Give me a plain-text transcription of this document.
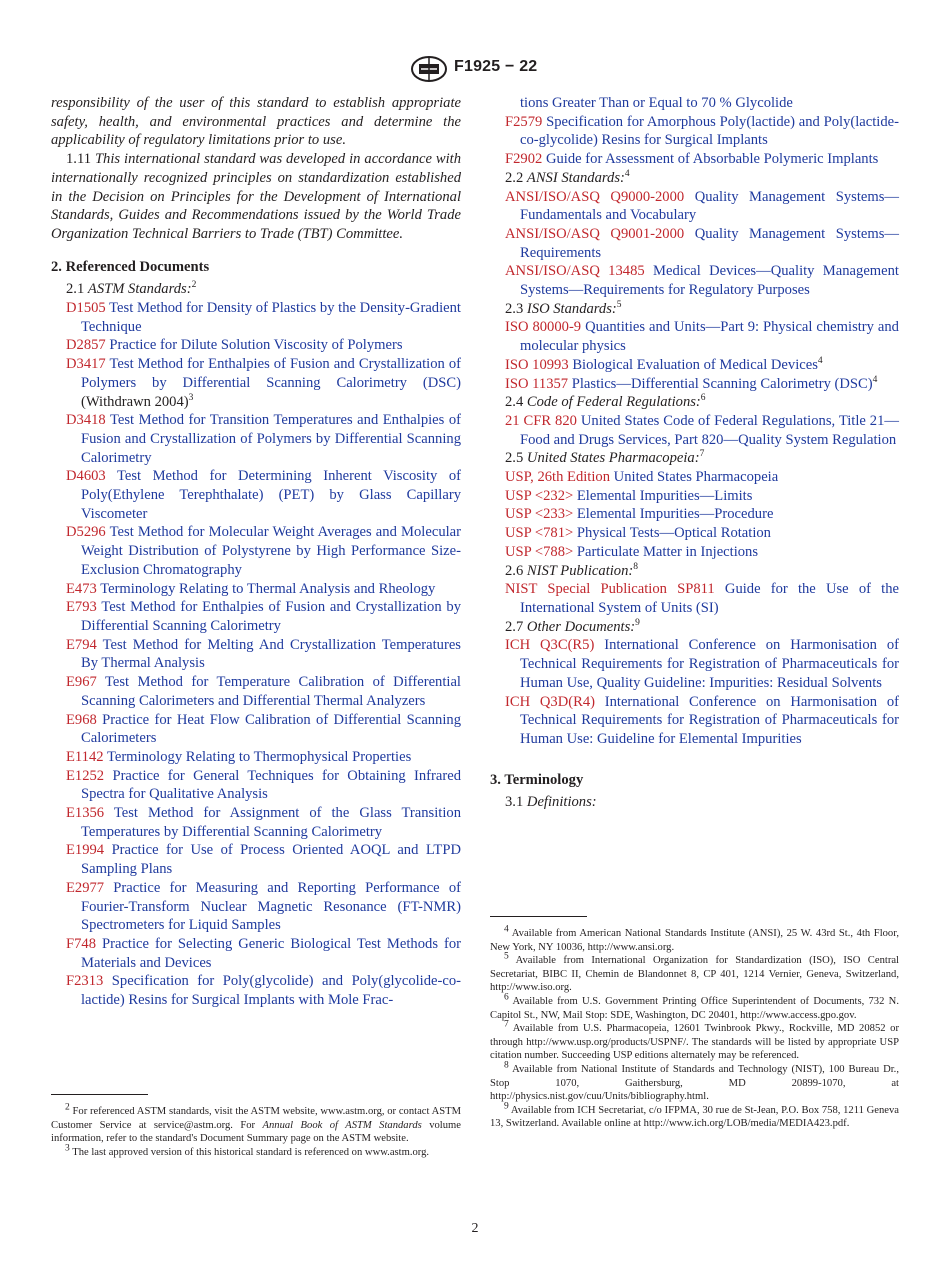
F1925 − 22

responsibility of the user of this standard to establish appropriate safety, health, and environmental practices and determine the applicability of regulatory limitations prior to use.

1.11 This international standard was developed in accordance with internationally recognized principles on standardization established in the Decision on Principles for the Development of International Standards, Guides and Recommendations issued by the World Trade Organization Technical Barriers to Trade (TBT) Committee.

2. Referenced Documents

2.1 ASTM Standards:$^2$

D1505 Test Method for Density of Plastics by the Density-Gradient Technique

D2857 Practice for Dilute Solution Viscosity of Polymers

D3417 Test Method for Enthalpies of Fusion and Crystallization of Polymers by Differential Scanning Calorimetry (DSC) (Withdrawn 2004)$^3$

D3418 Test Method for Transition Temperatures and Enthalpies of Fusion and Crystallization of Polymers by Differential Scanning Calorimetry

D4603 Test Method for Determining Inherent Viscosity of Poly(Ethylene Terephthalate) (PET) by Glass Capillary Viscometer

D5296 Test Method for Molecular Weight Averages and Molecular Weight Distribution of Polystyrene by High Performance Size-Exclusion Chromatography

E473 Terminology Relating to Thermal Analysis and Rheology

E793 Test Method for Enthalpies of Fusion and Crystallization by Differential Scanning Calorimetry

E794 Test Method for Melting And Crystallization Temperatures By Thermal Analysis

E967 Test Method for Temperature Calibration of Differential Scanning Calorimeters and Differential Thermal Analyzers

E968 Practice for Heat Flow Calibration of Differential Scanning Calorimeters

E1142 Terminology Relating to Thermophysical Properties

E1252 Practice for General Techniques for Obtaining Infrared Spectra for Qualitative Analysis

E1356 Test Method for Assignment of the Glass Transition Temperatures by Differential Scanning Calorimetry

E1994 Practice for Use of Process Oriented AOQL and LTPD Sampling Plans

E2977 Practice for Measuring and Reporting Performance of Fourier-Transform Nuclear Magnetic Resonance (FT-NMR) Spectrometers for Liquid Samples

F748 Practice for Selecting Generic Biological Test Methods for Materials and Devices

F2313 Specification for Poly(glycolide) and Poly(glycolide-co-lactide) Resins for Surgical Implants with Mole Frac-

tions Greater Than or Equal to 70 % Glycolide

F2579 Specification for Amorphous Poly(lactide) and Poly(lactide-co-glycolide) Resins for Surgical Implants

F2902 Guide for Assessment of Absorbable Polymeric Implants

2.2 ANSI Standards:$^4$

ANSI/ISO/ASQ Q9000-2000 Quality Management Systems—Fundamentals and Vocabulary

ANSI/ISO/ASQ Q9001-2000 Quality Management Systems—Requirements

ANSI/ISO/ASQ 13485 Medical Devices—Quality Management Systems—Requirements for Regulatory Purposes

2.3 ISO Standards:$^5$

ISO 80000-9 Quantities and Units—Part 9: Physical chemistry and molecular physics

ISO 10993 Biological Evaluation of Medical Devices$^4$

ISO 11357 Plastics—Differential Scanning Calorimetry (DSC)$^4$

2.4 Code of Federal Regulations:$^6$

21 CFR 820 United States Code of Federal Regulations, Title 21—Food and Drugs Services, Part 820—Quality System Regulation

2.5 United States Pharmacopeia:$^7$

USP, 26th Edition United States Pharmacopeia

USP <232> Elemental Impurities—Limits

USP <233> Elemental Impurities—Procedure

USP <781> Physical Tests—Optical Rotation

USP <788> Particulate Matter in Injections

2.6 NIST Publication:$^8$

NIST Special Publication SP811 Guide for the Use of the International System of Units (SI)

2.7 Other Documents:$^9$

ICH Q3C(R5) International Conference on Harmonisation of Technical Requirements for Registration of Pharmaceuticals for Human Use, Quality Guideline: Impurities: Residual Solvents

ICH Q3D(R4) International Conference on Harmonisation of Technical Requirements for Registration of Pharmaceuticals for Human Use: Guideline for Elemental Impurities

3. Terminology

3.1 Definitions:

$^2$ For referenced ASTM standards, visit the ASTM website, www.astm.org, or contact ASTM Customer Service at service@astm.org. For Annual Book of ASTM Standards volume information, refer to the standard's Document Summary page on the ASTM website.

$^3$ The last approved version of this historical standard is referenced on www.astm.org.

$^4$ Available from American National Standards Institute (ANSI), 25 W. 43rd St., 4th Floor, New York, NY 10036, http://www.ansi.org.

$^5$ Available from International Organization for Standardization (ISO), ISO Central Secretariat, BIBC II, Chemin de Blandonnet 8, CP 401, 1214 Vernier, Geneva, Switzerland, http://www.iso.org.

$^6$ Available from U.S. Government Printing Office Superintendent of Documents, 732 N. Capitol St., NW, Mail Stop: SDE, Washington, DC 20401, http://www.access.gpo.gov.

$^7$ Available from U.S. Pharmacopeia, 12601 Twinbrook Pkwy., Rockville, MD 20852 or through http://www.usp.org/products/USPNF/. The standards will be listed by appropriate USP citation number. Succeeding USP editions alternately may be referenced.

$^8$ Available from National Institute of Standards and Technology (NIST), 100 Bureau Dr., Stop 1070, Gaithersburg, MD 20899-1070, at http://physics.nist.gov/cuu/Units/bibliography.html.

$^9$ Available from ICH Secretariat, c/o IFPMA, 30 rue de St-Jean, P.O. Box 758, 1211 Geneva 13, Switzerland. Available online at http://www.ich.org/LOB/media/MEDIA423.pdf.

2
